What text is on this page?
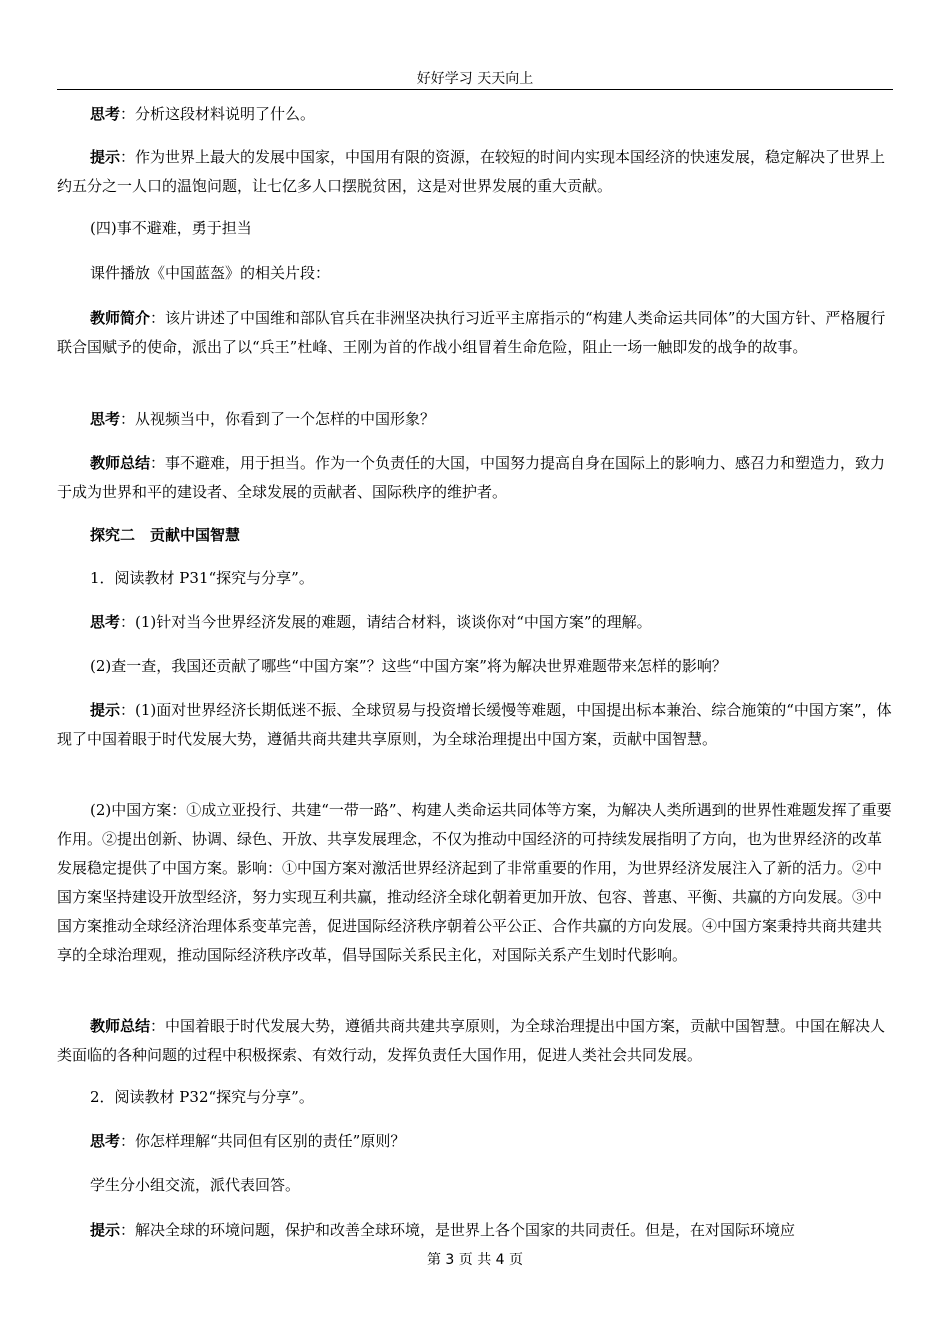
好好学习 天天向上
思考：分析这段材料说明了什么。
提示：作为世界上最大的发展中国家，中国用有限的资源，在较短的时间内实现本国经济的快速发展，稳定解决了世界上约五分之一人口的温饱问题，让七亿多人口摆脱贫困，这是对世界发展的重大贡献。
(四)事不避难，勇于担当
课件播放《中国蓝盔》的相关片段：
教师简介：该片讲述了中国维和部队官兵在非洲坚决执行习近平主席指示的“构建人类命运共同体”的大国方针、严格履行联合国赋予的使命，派出了以“兵王”杜峰、王刚为首的作战小组冒着生命危险，阻止一场一触即发的战争的故事。
思考：从视频当中，你看到了一个怎样的中国形象？
教师总结：事不避难，用于担当。作为一个负责任的大国，中国努力提高自身在国际上的影响力、感召力和塑造力，致力于成为世界和平的建设者、全球发展的贡献者、国际秩序的维护者。
探究二　贡献中国智慧
1．阅读教材 P31“探究与分享”。
思考：(1)针对当今世界经济发展的难题，请结合材料，谈谈你对“中国方案”的理解。
(2)查一查，我国还贡献了哪些“中国方案”？这些“中国方案”将为解决世界难题带来怎样的影响？
提示：(1)面对世界经济长期低迷不振、全球贸易与投资增长缓慢等难题，中国提出标本兼治、综合施策的“中国方案”，体现了中国着眼于时代发展大势，遵循共商共建共享原则，为全球治理提出中国方案，贡献中国智慧。
(2)中国方案：①成立亚投行、共建“一带一路”、构建人类命运共同体等方案，为解决人类所遇到的世界性难题发挥了重要作用。②提出创新、协调、绿色、开放、共享发展理念，不仅为推动中国经济的可持续发展指明了方向，也为世界经济的改革发展稳定提供了中国方案。影响：①中国方案对激活世界经济起到了非常重要的作用，为世界经济发展注入了新的活力。②中国方案坚持建设开放型经济，努力实现互利共赢，推动经济全球化朝着更加开放、包容、普惠、平衡、共赢的方向发展。③中国方案推动全球经济治理体系变革完善，促进国际经济秩序朝着公平公正、合作共赢的方向发展。④中国方案秉持共商共建共享的全球治理观，推动国际经济秩序改革，倡导国际关系民主化，对国际关系产生划时代影响。
教师总结：中国着眼于时代发展大势，遵循共商共建共享原则，为全球治理提出中国方案，贡献中国智慧。中国在解决人类面临的各种问题的过程中积极探索、有效行动，发挥负责任大国作用，促进人类社会共同发展。
2．阅读教材 P32“探究与分享”。
思考：你怎样理解“共同但有区别的责任”原则？
学生分小组交流，派代表回答。
提示：解决全球的环境问题，保护和改善全球环境，是世界上各个国家的共同责任。但是，在对国际环境应
第 3 页 共 4 页
